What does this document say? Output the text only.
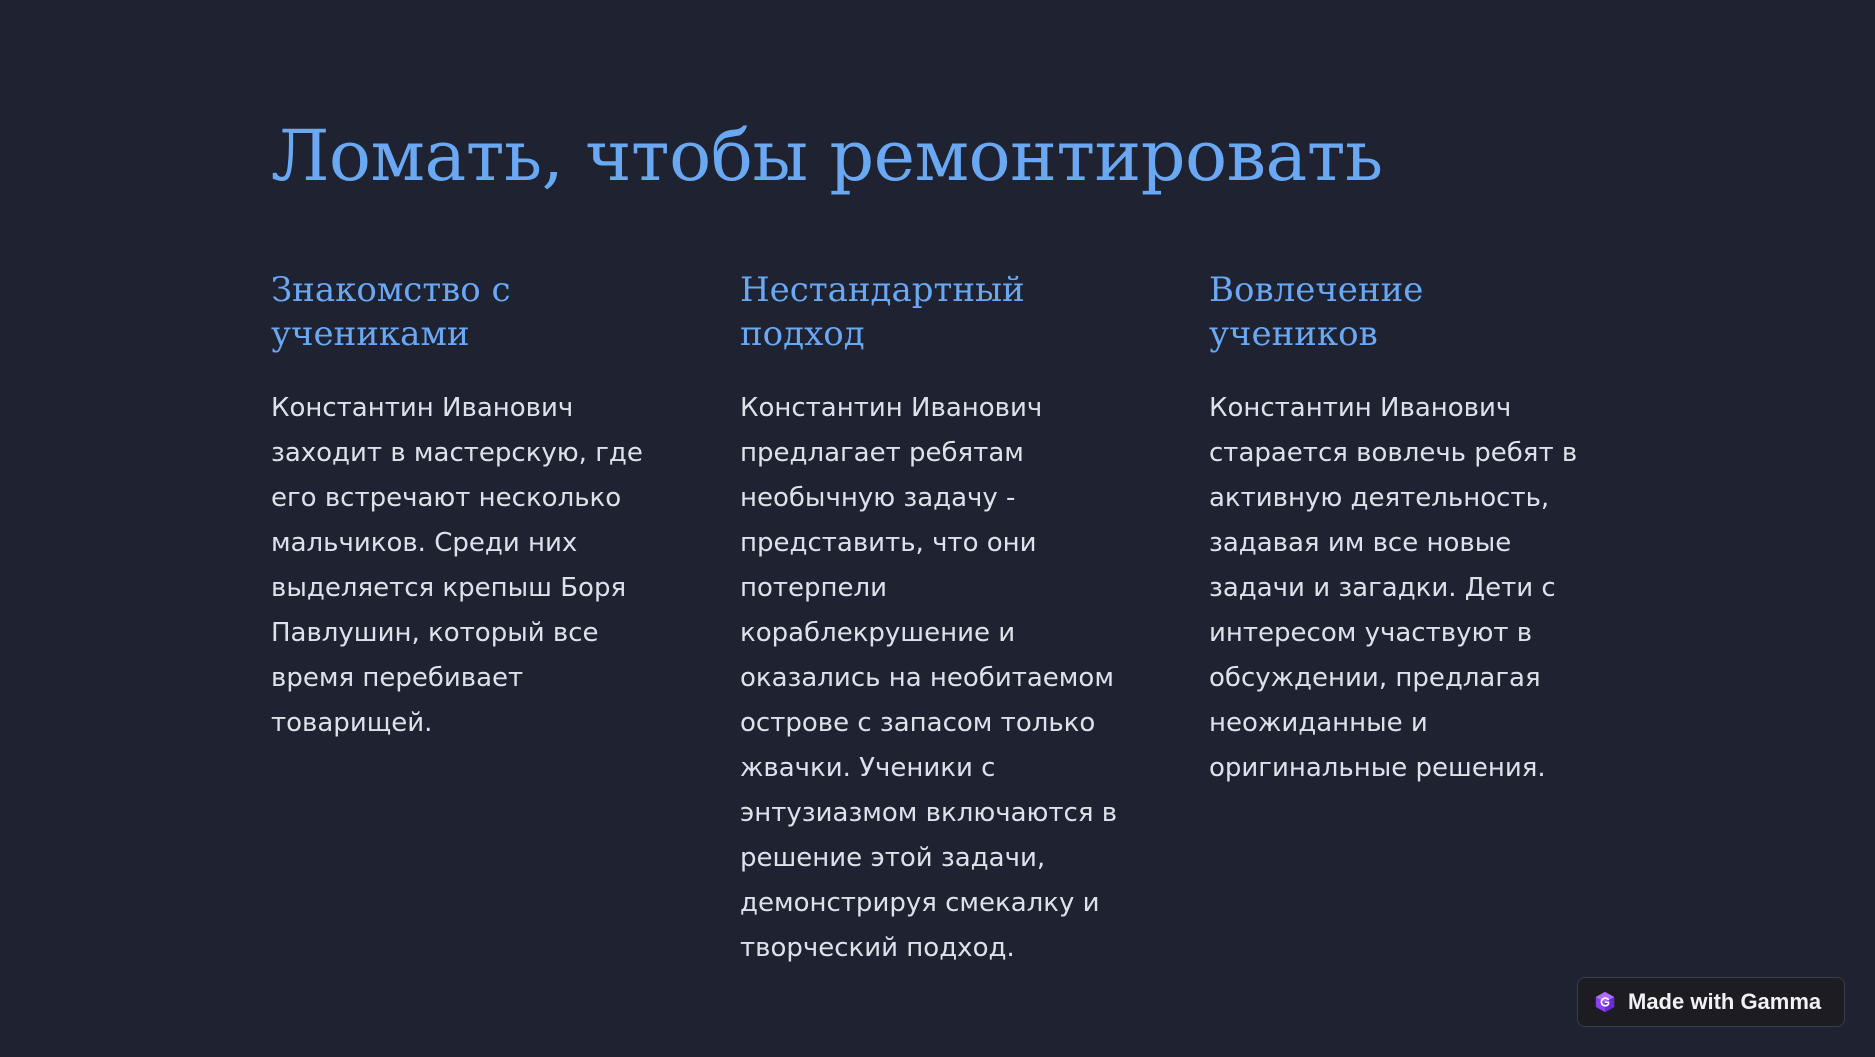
Ломать, чтобы ремонтировать
Знакомство с учениками

Константин Иванович заходит в мастерскую, где его встречают несколько мальчиков. Среди них выделяется крепыш Боря Павлушин, который все время перебивает товарищей.

Нестандартный подход

Константин Иванович предлагает ребятам необычную задачу - представить, что они потерпели кораблекрушение и оказались на необитаемом острове с запасом только жвачки. Ученики с энтузиазмом включаются в решение этой задачи, демонстрируя смекалку и творческий подход.

Вовлечение учеников

Константин Иванович старается вовлечь ребят в активную деятельность, задавая им все новые задачи и загадки. Дети с интересом участвуют в обсуждении, предлагая неожиданные и оригинальные решения.

Made with Gamma
